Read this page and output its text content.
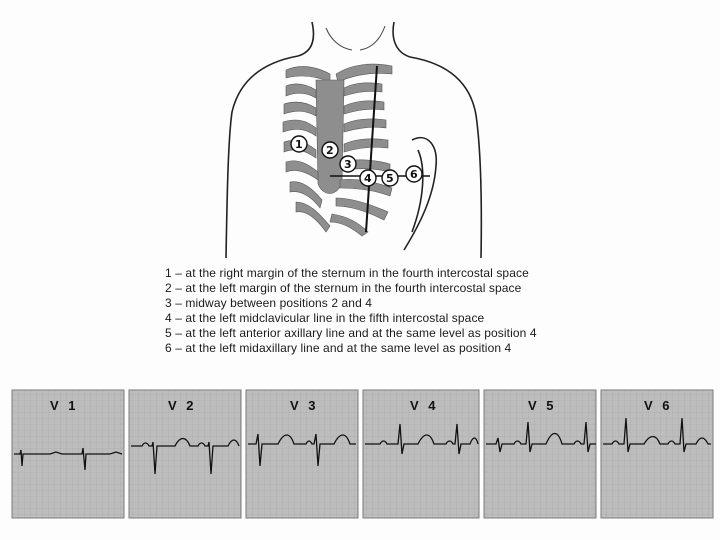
1 2
3
4 5 6
1 – at the right margin of the sternum in the fourth intercostal space
2 – at the left margin of the sternum in the fourth intercostal space
3 – midway between positions 2 and 4
4 – at the left midclavicular line in the fifth intercostal space
5 – at the left anterior axillary line and at the same level as position 4
6 – at the left midaxillary line and at the same level as position 4
V 1	V 2	V 3	V 4	V 5	V 6
